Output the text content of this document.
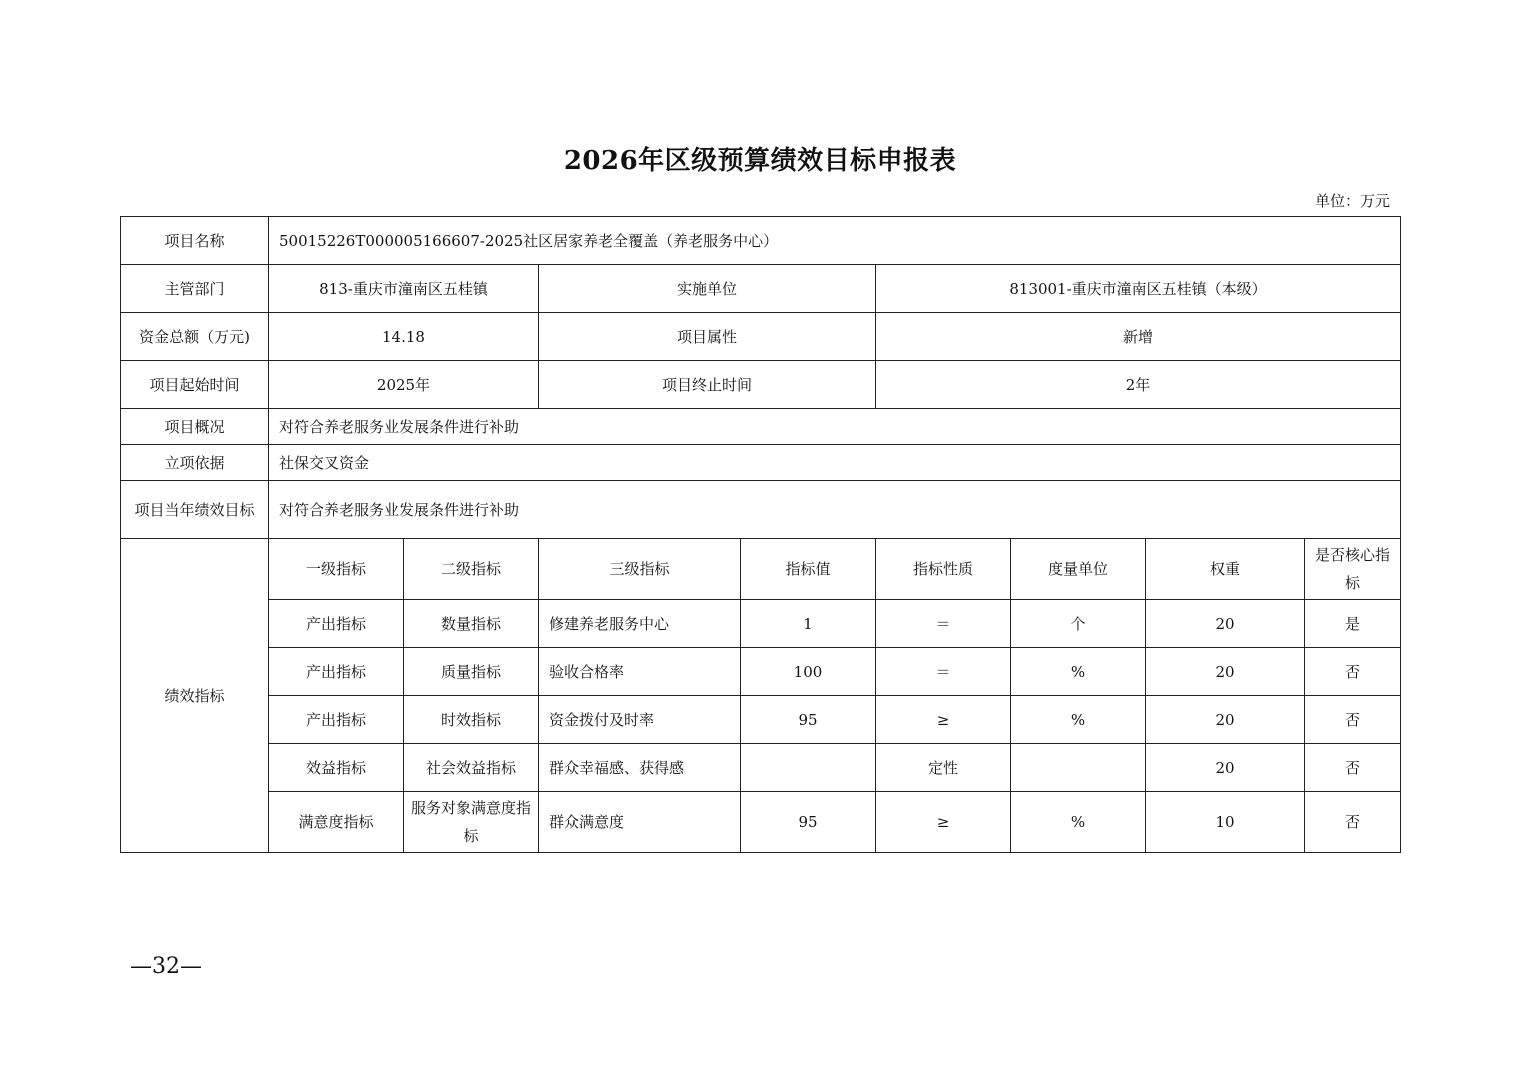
2026年区级预算绩效目标申报表
单位：万元
项目名称	50015226T000005166607-2025社区居家养老全覆盖（养老服务中心）							
主管部门	813-重庆市潼南区五桂镇		实施单位		813001-重庆市潼南区五桂镇（本级）			
资金总额（万元)	14.18		项目属性		新增			
项目起始时间	2025年		项目终止时间		2年			
项目概况	对符合养老服务业发展条件进行补助							
立项依据	社保交叉资金							
项目当年绩效目标	对符合养老服务业发展条件进行补助							
绩效指标	一级指标	二级指标	三级指标	指标值	指标性质	度量单位	权重	是否核心指标
	产出指标	数量指标	修建养老服务中心	1	＝	个	20	是
	产出指标	质量指标	验收合格率	100	＝	%	20	否
	产出指标	时效指标	资金拨付及时率	95	≥	%	20	否
	效益指标	社会效益指标	群众幸福感、获得感		定性		20	否
	满意度指标	服务对象满意度指标	群众满意度	95	≥	%	10	否
—32—
